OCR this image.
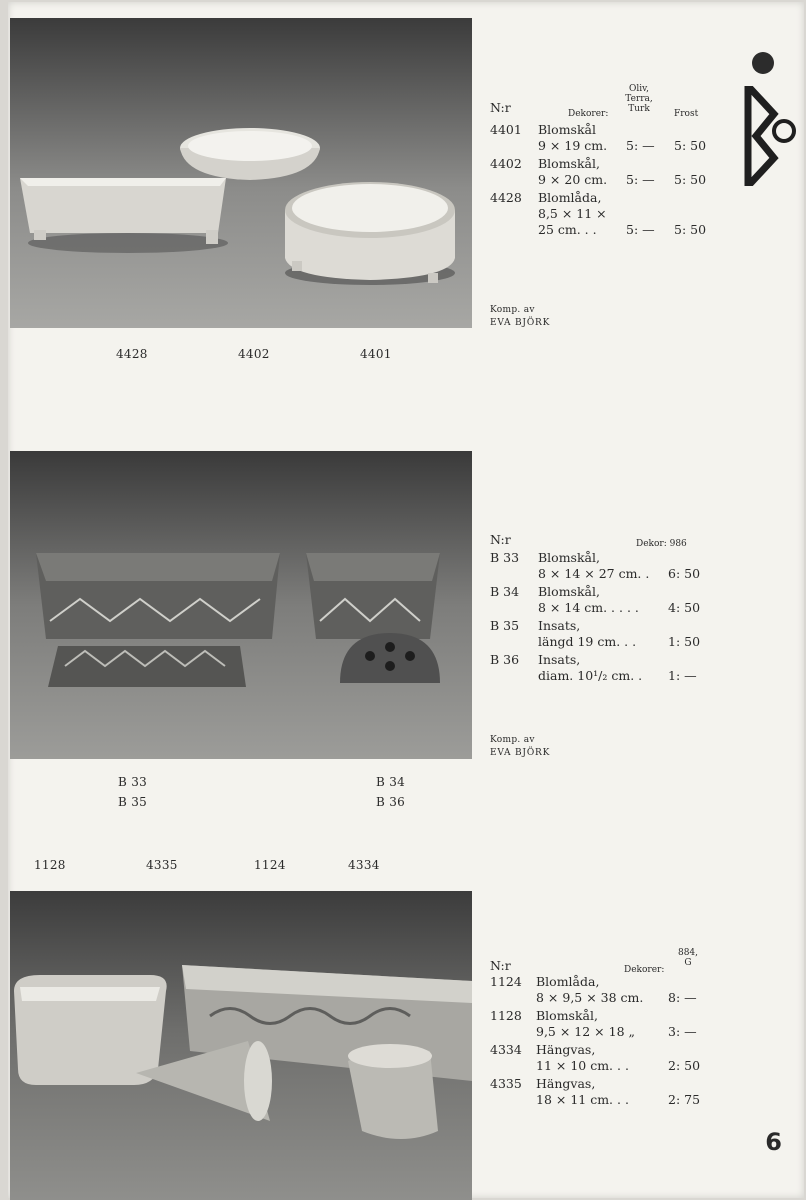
4428	4402	4401
N:r	Dekorer:
Oliv, Terra, Turk	Frost
4401 Blomskål
9 × 19 cm. 5: — 5: 50
4402 Blomskål,
9 × 20 cm. 5: — 5: 50
4428 Blomlåda,
8,5 × 11 ×
25 cm. . . 5: — 5: 50
Komp. av
EVA BJÖRK
B 33
B 35
B 34
B 36
N:r	Dekor: 986
B 33 Blomskål,
8 × 14 × 27 cm. . 6: 50
B 34 Blomskål,
8 × 14 cm. . . . . 4: 50
B 35 Insats,
längd 19 cm. . .	1: 50
B 36 Insats,
diam. 10¹/₂ cm. . 1: —
Komp. av
EVA BJÖRK
1128	4335	1124	4334
N:r	Dekorer:
884, G
1124 Blomlåda,
8 × 9,5 × 38 cm. 8: —
1128 Blomskål,
9,5 × 12 × 18 „	3: —
4334 Hängvas,
11 × 10 cm. . .	2: 50
4335 Hängvas,
18 × 11 cm. . .	2: 75
6
